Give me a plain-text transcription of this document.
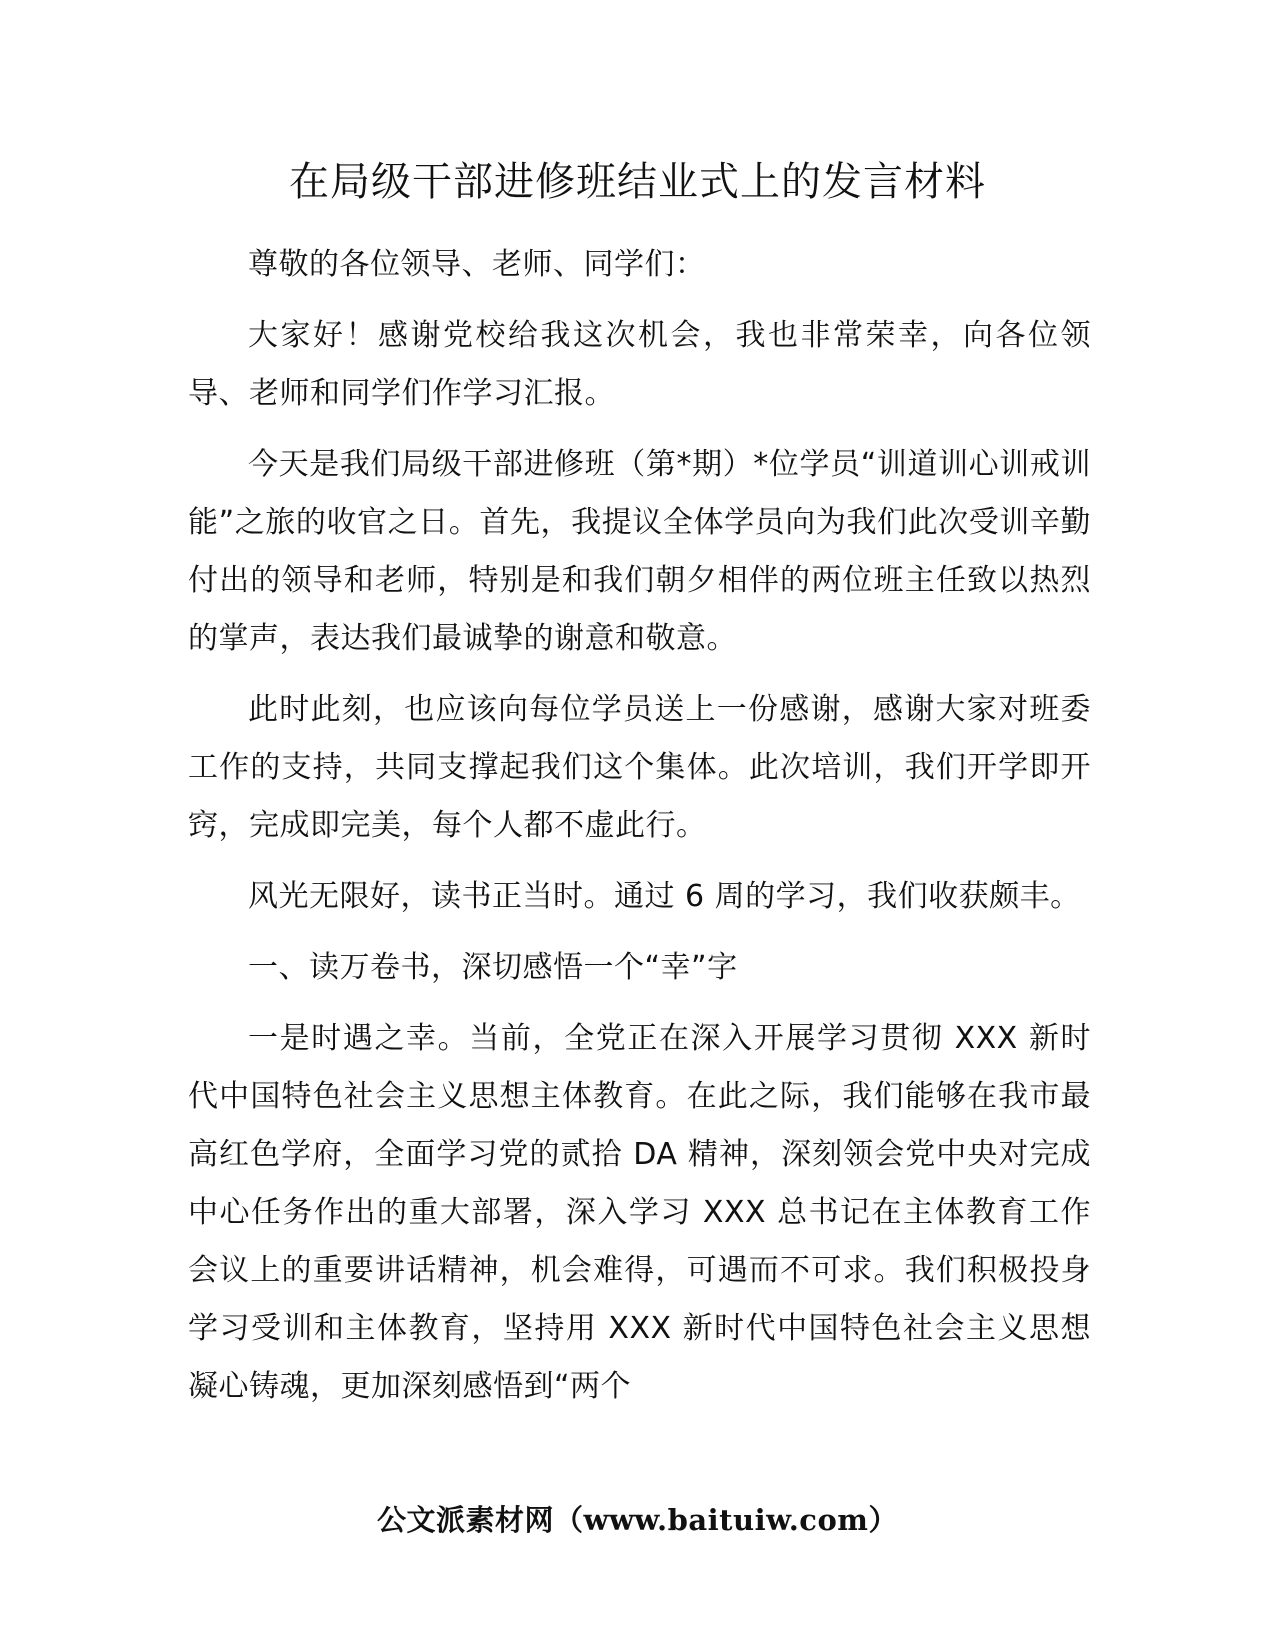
在局级干部进修班结业式上的发言材料

尊敬的各位领导、老师、同学们：

大家好！感谢党校给我这次机会，我也非常荣幸，向各位领导、老师和同学们作学习汇报。

今天是我们局级干部进修班（第*期）*位学员“训道训心训戒训能”之旅的收官之日。首先，我提议全体学员向为我们此次受训辛勤付出的领导和老师，特别是和我们朝夕相伴的两位班主任致以热烈的掌声，表达我们最诚挚的谢意和敬意。

此时此刻，也应该向每位学员送上一份感谢，感谢大家对班委工作的支持，共同支撑起我们这个集体。此次培训，我们开学即开窍，完成即完美，每个人都不虚此行。

风光无限好，读书正当时。通过 6 周的学习，我们收获颇丰。

一、读万卷书，深切感悟一个“幸”字

一是时遇之幸。当前，全党正在深入开展学习贯彻 XXX 新时代中国特色社会主义思想主体教育。在此之际，我们能够在我市最高红色学府，全面学习党的贰拾 DA 精神，深刻领会党中央对完成中心任务作出的重大部署，深入学习 XXX 总书记在主体教育工作会议上的重要讲话精神，机会难得，可遇而不可求。我们积极投身学习受训和主体教育，坚持用 XXX 新时代中国特色社会主义思想凝心铸魂，更加深刻感悟到“两个

公文派素材网（www.baituiw.com）
